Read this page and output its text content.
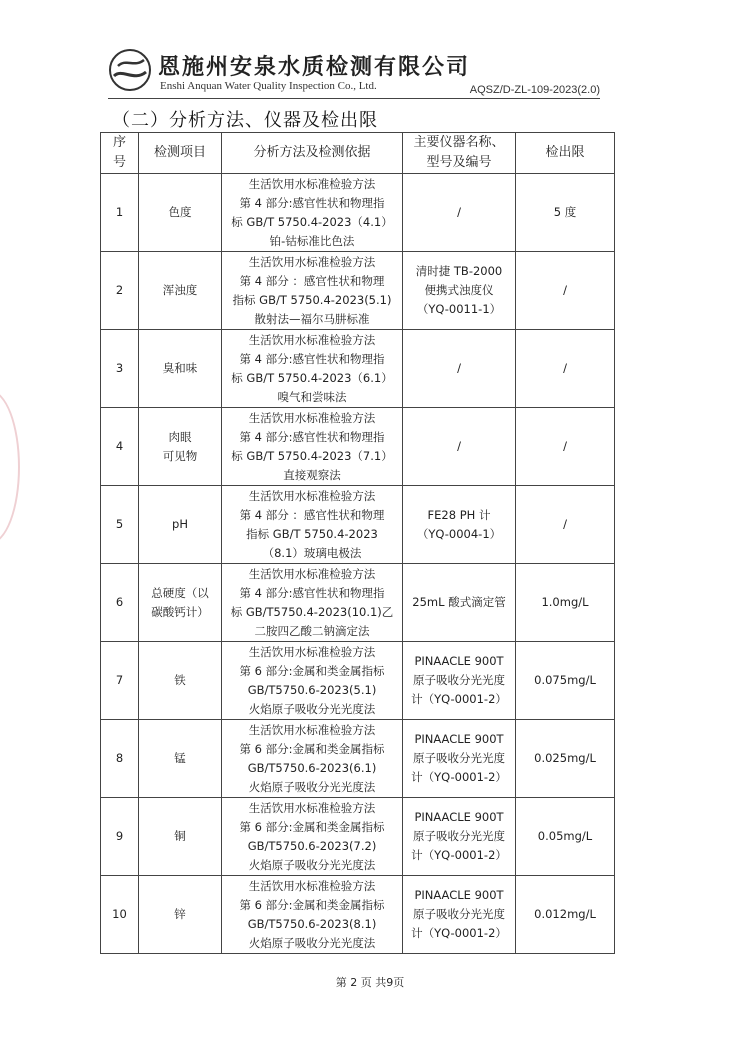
恩施州安泉水质检测有限公司
Enshi Anquan Water Quality Inspection Co., Ltd.	AQSZ/D-ZL-109-2023(2.0)
（二）分析方法、仪器及检出限
序
号	检测项目	分析方法及检测依据	主要仪器名称、
型号及编号	检出限
1	色度	生活饮用水标准检验方法
第 4 部分:感官性状和物理指
标 GB/T 5750.4-2023（4.1）
铂-钴标准比色法	/	5 度
2	浑浊度	生活饮用水标准检验方法
第 4 部分 ：感官性状和物理
指标 GB/T 5750.4-2023(5.1)
散射法—福尔马肼标准	清时捷 TB-2000
便携式浊度仪
（YQ-0011-1）	/
3	臭和味	生活饮用水标准检验方法
第 4 部分:感官性状和物理指
标 GB/T 5750.4-2023（6.1）
嗅气和尝味法	/	/
4	肉眼
可见物	生活饮用水标准检验方法
第 4 部分:感官性状和物理指
标 GB/T 5750.4-2023（7.1）
直接观察法	/	/
5	pH	生活饮用水标准检验方法
第 4 部分 ：感官性状和物理
指标 GB/T 5750.4-2023
（8.1）玻璃电极法	FE28 PH 计
（YQ-0004-1）	/
6	总硬度（以
碳酸钙计）	生活饮用水标准检验方法
第 4 部分:感官性状和物理指
标 GB/T5750.4-2023(10.1)乙
二胺四乙酸二钠滴定法	25mL 酸式滴定管	1.0mg/L
7	铁	生活饮用水标准检验方法
第 6 部分:金属和类金属指标
GB/T5750.6-2023(5.1)
火焰原子吸收分光光度法	PINAACLE 900T
原子吸收分光光度
计（YQ-0001-2）	0.075mg/L
8	锰	生活饮用水标准检验方法
第 6 部分:金属和类金属指标
GB/T5750.6-2023(6.1)
火焰原子吸收分光光度法	PINAACLE 900T
原子吸收分光光度
计（YQ-0001-2）	0.025mg/L
9	铜	生活饮用水标准检验方法
第 6 部分:金属和类金属指标
GB/T5750.6-2023(7.2)
火焰原子吸收分光光度法	PINAACLE 900T
原子吸收分光光度
计（YQ-0001-2）	0.05mg/L
10	锌	生活饮用水标准检验方法
第 6 部分:金属和类金属指标
GB/T5750.6-2023(8.1)
火焰原子吸收分光光度法	PINAACLE 900T
原子吸收分光光度
计（YQ-0001-2）	0.012mg/L
第 2 页 共9页
